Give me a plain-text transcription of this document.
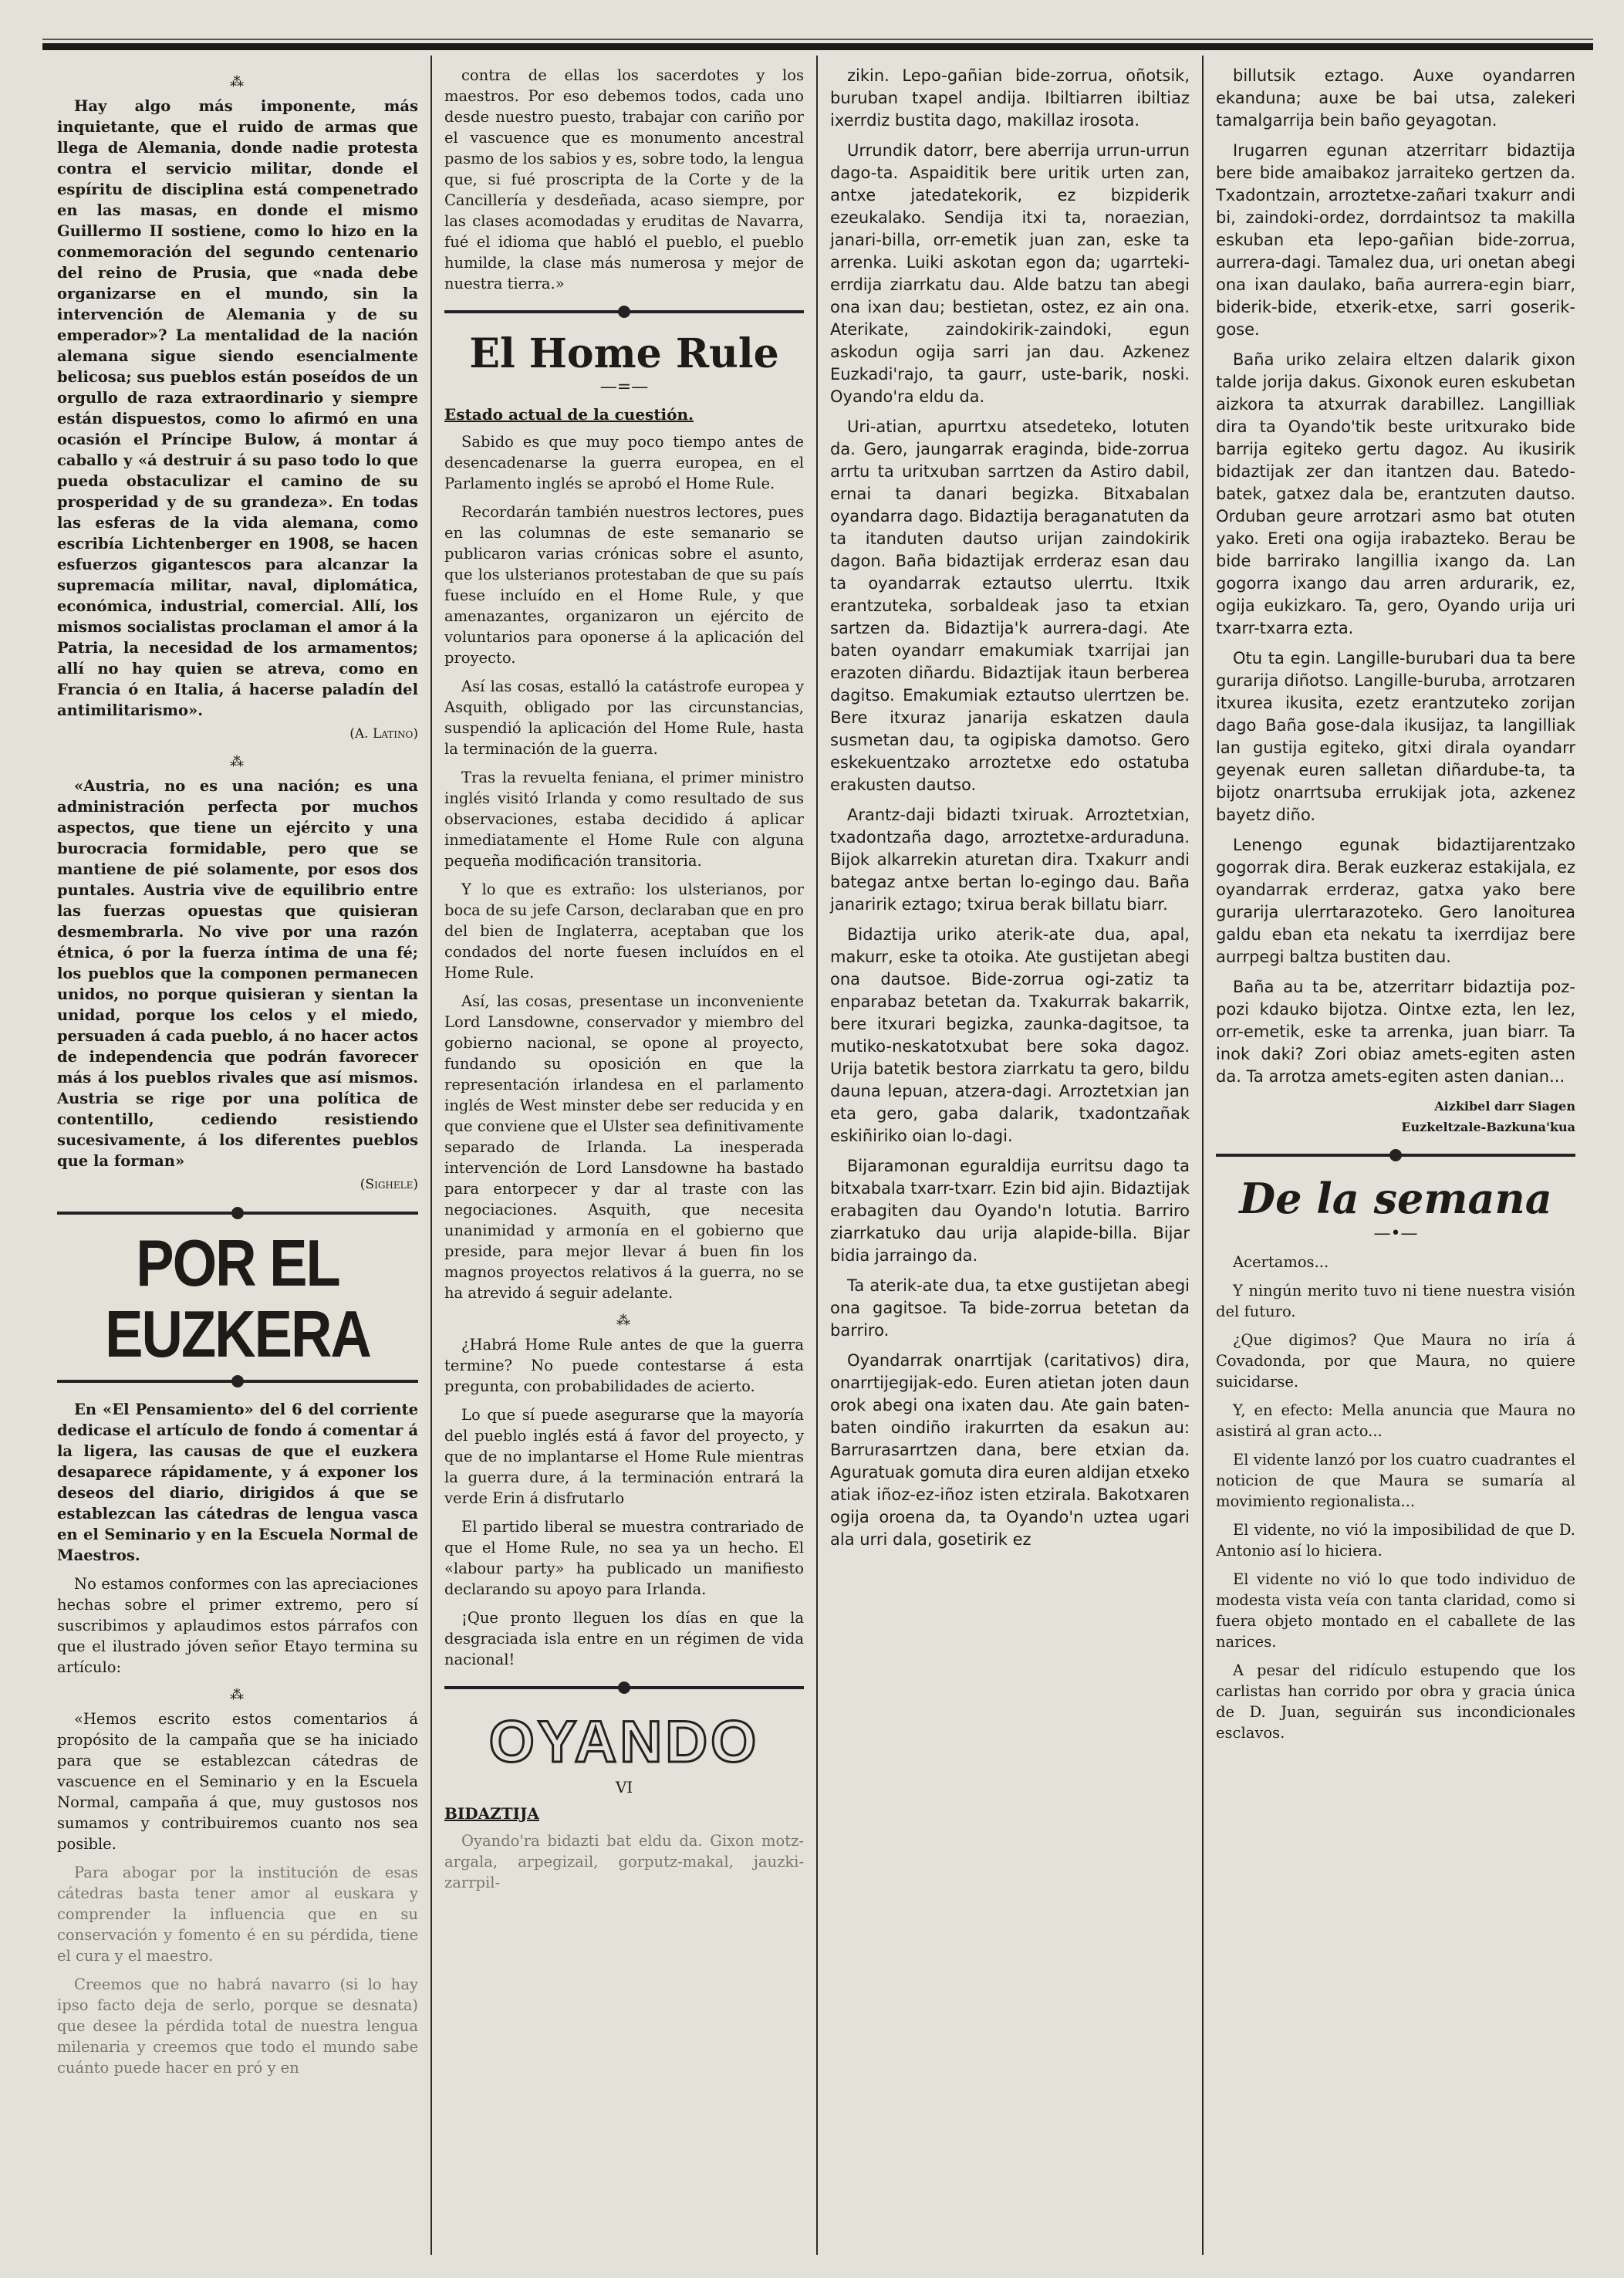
⁂

Hay algo más imponente, más inquietante, que el ruido de armas que llega de Alemania, donde nadie protesta contra el servicio militar, donde el espíritu de disciplina está compenetrado en las masas, en donde el mismo Guillermo II sostiene, como lo hizo en la conmemoración del segundo centenario del reino de Prusia, que «nada debe organizarse en el mundo, sin la intervención de Alemania y de su emperador»? La mentalidad de la nación alemana sigue siendo esencialmente belicosa; sus pueblos están poseídos de un orgullo de raza extraordinario y siempre están dispuestos, como lo afirmó en una ocasión el Príncipe Bulow, á montar á caballo y «á destruir á su paso todo lo que pueda obstaculizar el camino de su prosperidad y de su grandeza». En todas las esferas de la vida alemana, como escribía Lichtenberger en 1908, se hacen esfuerzos gigantescos para alcanzar la supremacía militar, naval, diplomática, económica, industrial, comercial. Allí, los mismos socialistas proclaman el amor á la Patria, la necesidad de los armamentos; allí no hay quien se atreva, como en Francia ó en Italia, á hacerse paladín del antimilitarismo».

(A. Latino)

⁂

«Austria, no es una nación; es una administración perfecta por muchos aspectos, que tiene un ejército y una burocracia formidable, pero que se mantiene de pié solamente, por esos dos puntales. Austria vive de equilibrio entre las fuerzas opuestas que quisieran desmembrarla. No vive por una razón étnica, ó por la fuerza íntima de una fé; los pueblos que la componen permanecen unidos, no porque quisieran y sientan la unidad, porque los celos y el miedo, persuaden á cada pueblo, á no hacer actos de independencia que podrán favorecer más á los pueblos rivales que así mismos. Austria se rige por una política de contentillo, cediendo resistiendo sucesivamente, á los diferentes pueblos que la forman»

(Sighele)

POR EL EUZKERA

En «El Pensamiento» del 6 del corriente dedicase el artículo de fondo á comentar á la ligera, las causas de que el euzkera desaparece rápidamente, y á exponer los deseos del diario, dirigidos á que se establezcan las cátedras de lengua vasca en el Seminario y en la Escuela Normal de Maestros.

No estamos conformes con las apreciaciones hechas sobre el primer extremo, pero sí suscribimos y aplaudimos estos párrafos con que el ilustrado jóven señor Etayo termina su artículo:

⁂

«Hemos escrito estos comentarios á propósito de la campaña que se ha iniciado para que se establezcan cátedras de vascuence en el Seminario y en la Escuela Normal, campaña á que, muy gustosos nos sumamos y contribuiremos cuanto nos sea posible.

Para abogar por la institución de esas cátedras basta tener amor al euskara y comprender la influencia que en su conservación y fomento é en su pérdida, tiene el cura y el maestro.

Creemos que no habrá navarro (si lo hay ipso facto deja de serlo, porque se desnata) que desee la pérdida total de nuestra lengua milenaria y creemos que todo el mundo sabe cuánto puede hacer en pró y en

contra de ellas los sacerdotes y los maestros. Por eso debemos todos, cada uno desde nuestro puesto, trabajar con cariño por el vascuence que es monumento ancestral pasmo de los sabios y es, sobre todo, la lengua que, si fué proscripta de la Corte y de la Cancillería y desdeñada, acaso siempre, por las clases acomodadas y eruditas de Navarra, fué el idioma que habló el pueblo, el pueblo humilde, la clase más numerosa y mejor de nuestra tierra.»

El Home Rule
—=—
Estado actual de la cuestión.

Sabido es que muy poco tiempo antes de desencadenarse la guerra europea, en el Parlamento inglés se aprobó el Home Rule.

Recordarán también nuestros lectores, pues en las columnas de este semanario se publicaron varias crónicas sobre el asunto, que los ulsterianos protestaban de que su país fuese incluído en el Home Rule, y que amenazantes, organizaron un ejército de voluntarios para oponerse á la aplicación del proyecto.

Así las cosas, estalló la catástrofe europea y Asquith, obligado por las circunstancias, suspendió la aplicación del Home Rule, hasta la terminación de la guerra.

Tras la revuelta feniana, el primer ministro inglés visitó Irlanda y como resultado de sus observaciones, estaba decidido á aplicar inmediatamente el Home Rule con alguna pequeña modificación transitoria.

Y lo que es extraño: los ulsterianos, por boca de su jefe Carson, declaraban que en pro del bien de Inglaterra, aceptaban que los condados del norte fuesen incluídos en el Home Rule.

Así, las cosas, presentase un inconveniente Lord Lansdowne, conservador y miembro del gobierno nacional, se opone al proyecto, fundando su oposición en que la representación irlandesa en el parlamento inglés de West minster debe ser reducida y en que conviene que el Ulster sea definitivamente separado de Irlanda. La inesperada intervención de Lord Lansdowne ha bastado para entorpecer y dar al traste con las negociaciones. Asquith, que necesita unanimidad y armonía en el gobierno que preside, para mejor llevar á buen fin los magnos proyectos relativos á la guerra, no se ha atrevido á seguir adelante.

⁂

¿Habrá Home Rule antes de que la guerra termine? No puede contestarse á esta pregunta, con probabilidades de acierto.

Lo que sí puede asegurarse que la mayoría del pueblo inglés está á favor del proyecto, y que de no implantarse el Home Rule mientras la guerra dure, á la terminación entrará la verde Erin á disfrutarlo

El partido liberal se muestra contrariado de que el Home Rule, no sea ya un hecho. El «labour party» ha publicado un manifiesto declarando su apoyo para Irlanda.

¡Que pronto lleguen los días en que la desgraciada isla entre en un régimen de vida nacional!

OYANDO
VI
BIDAZTIJA

Oyando'ra bidazti bat eldu da. Gixon motz-argala, arpegizail, gorputz-makal, jauzki-zarrpil-

zikin. Lepo-gañian bide-zorrua, oñotsik, buruban txapel andija. Ibiltiarren ibiltiaz ixerrdiz bustita dago, makillaz irosota.

Urrundik datorr, bere aberrija urrun-urrun dago-ta. Aspaiditik bere uritik urten zan, antxe jatedatekorik, ez bizpiderik ezeukalako. Sendija itxi ta, noraezian, janari-billa, orr-emetik juan zan, eske ta arrenka. Luiki askotan egon da; ugarrteki-errdija ziarrkatu dau. Alde batzu tan abegi ona ixan dau; bestietan, ostez, ez ain ona. Aterikate, zaindokirik-zaindoki, egun askodun ogija sarri jan dau. Azkenez Euzkadi'rajo, ta gaurr, uste-barik, noski. Oyando'ra eldu da.

Uri-atian, apurrtxu atsedeteko, lotuten da. Gero, jaungarrak eraginda, bide-zorrua arrtu ta uritxuban sarrtzen da Astiro dabil, ernai ta danari begizka. Bitxabalan oyandarra dago. Bidaztija beraganatuten da ta itanduten dautso urijan zaindokirik dagon. Baña bidaztijak errderaz esan dau ta oyandarrak eztautso ulerrtu. Itxik erantzuteka, sorbaldeak jaso ta etxian sartzen da. Bidaztija'k aurrera-dagi. Ate baten oyandarr emakumiak txarrijai jan erazoten diñardu. Bidaztijak itaun berberea dagitso. Emakumiak eztautso ulerrtzen be. Bere itxuraz janarija eskatzen daula susmetan dau, ta ogipiska damotso. Gero eskekuentzako arroztetxe edo ostatuba erakusten dautso.

Arantz-daji bidazti txiruak. Arroztetxian, txadontzaña dago, arroztetxe-arduraduna. Bijok alkarrekin aturetan dira. Txakurr andi bategaz antxe bertan lo-egingo dau. Baña janaririk eztago; txirua berak billatu biarr.

Bidaztija uriko aterik-ate dua, apal, makurr, eske ta otoika. Ate gustijetan abegi ona dautsoe. Bide-zorrua ogi-zatiz ta enparabaz betetan da. Txakurrak bakarrik, bere itxurari begizka, zaunka-dagitsoe, ta mutiko-neskatotxubat bere soka dagoz. Urija batetik bestora ziarrkatu ta gero, bildu dauna lepuan, atzera-dagi. Arroztetxian jan eta gero, gaba dalarik, txadontzañak eskiñiriko oian lo-dagi.

Bijaramonan eguraldija eurritsu dago ta bitxabala txarr-txarr. Ezin bid ajin. Bidaztijak erabagiten dau Oyando'n lotutia. Barriro ziarrkatuko dau urija alapide-billa. Bijar bidia jarraingo da.

Ta aterik-ate dua, ta etxe gustijetan abegi ona gagitsoe. Ta bide-zorrua betetan da barriro.

Oyandarrak onarrtijak (caritativos) dira, onarrtijegijak-edo. Euren atietan joten daun orok abegi ona ixaten dau. Ate gain baten-baten oindiño irakurrten da esakun au: Barrurasarrtzen dana, bere etxian da. Aguratuak gomuta dira euren aldijan etxeko atiak iñoz-ez-iñoz isten etzirala. Bakotxaren ogija oroena da, ta Oyando'n uztea ugari ala urri dala, gosetirik ez

billutsik eztago. Auxe oyandarren ekanduna; auxe be bai utsa, zalekeri tamalgarrija bein baño geyagotan.

Irugarren egunan atzerritarr bidaztija bere bide amaibakoz jarraiteko gertzen da. Txadontzain, arroztetxe-zañari txakurr andi bi, zaindoki-ordez, dorrdaintsoz ta makilla eskuban eta lepo-gañian bide-zorrua, aurrera-dagi. Tamalez dua, uri onetan abegi ona ixan daulako, baña aurrera-egin biarr, biderik-bide, etxerik-etxe, sarri goserik-gose.

Baña uriko zelaira eltzen dalarik gixon talde jorija dakus. Gixonok euren eskubetan aizkora ta atxurrak darabillez. Langilliak dira ta Oyando'tik beste uritxurako bide barrija egiteko gertu dagoz. Au ikusirik bidaztijak zer dan itantzen dau. Batedo-batek, gatxez dala be, erantzuten dautso. Orduban geure arrotzari asmo bat otuten yako. Ereti ona ogija irabazteko. Berau be bide barrirako langillia ixango da. Lan gogorra ixango dau arren ardurarik, ez, ogija eukizkaro. Ta, gero, Oyando urija uri txarr-txarra ezta.

Otu ta egin. Langille-burubari dua ta bere gurarija diñotso. Langille-buruba, arrotzaren itxurea ikusita, ezetz erantzuteko zorijan dago Baña gose-dala ikusijaz, ta langilliak lan gustija egiteko, gitxi dirala oyandarr geyenak euren salletan diñardube-ta, ta bijotz onarrtsuba errukijak jota, azkenez bayetz diño.

Lenengo egunak bidaztijarentzako gogorrak dira. Berak euzkeraz estakijala, ez oyandarrak errderaz, gatxa yako bere gurarija ulerrtarazoteko. Gero lanoiturea galdu eban eta nekatu ta ixerrdijaz bere aurrpegi baltza bustiten dau.

Baña au ta be, atzerritarr bidaztija poz-pozi kdauko bijotza. Ointxe ezta, len lez, orr-emetik, eske ta arrenka, juan biarr. Ta inok daki? Zori obiaz amets-egiten asten da. Ta arrotza amets-egiten asten danian...

Aizkibel darr Siagen

Euzkeltzale-Bazkuna'kua

De la semana
—•—

Acertamos...

Y ningún merito tuvo ni tiene nuestra visión del futuro.

¿Que digimos? Que Maura no iría á Covadonda, por que Maura, no quiere suicidarse.

Y, en efecto: Mella anuncia que Maura no asistirá al gran acto...

El vidente lanzó por los cuatro cuadrantes el noticion de que Maura se sumaría al movimiento regionalista...

El vidente, no vió la imposibilidad de que D. Antonio así lo hiciera.

El vidente no vió lo que todo individuo de modesta vista veía con tanta claridad, como si fuera objeto montado en el caballete de las narices.

A pesar del ridículo estupendo que los carlistas han corrido por obra y gracia única de D. Juan, seguirán sus incondicionales esclavos.
